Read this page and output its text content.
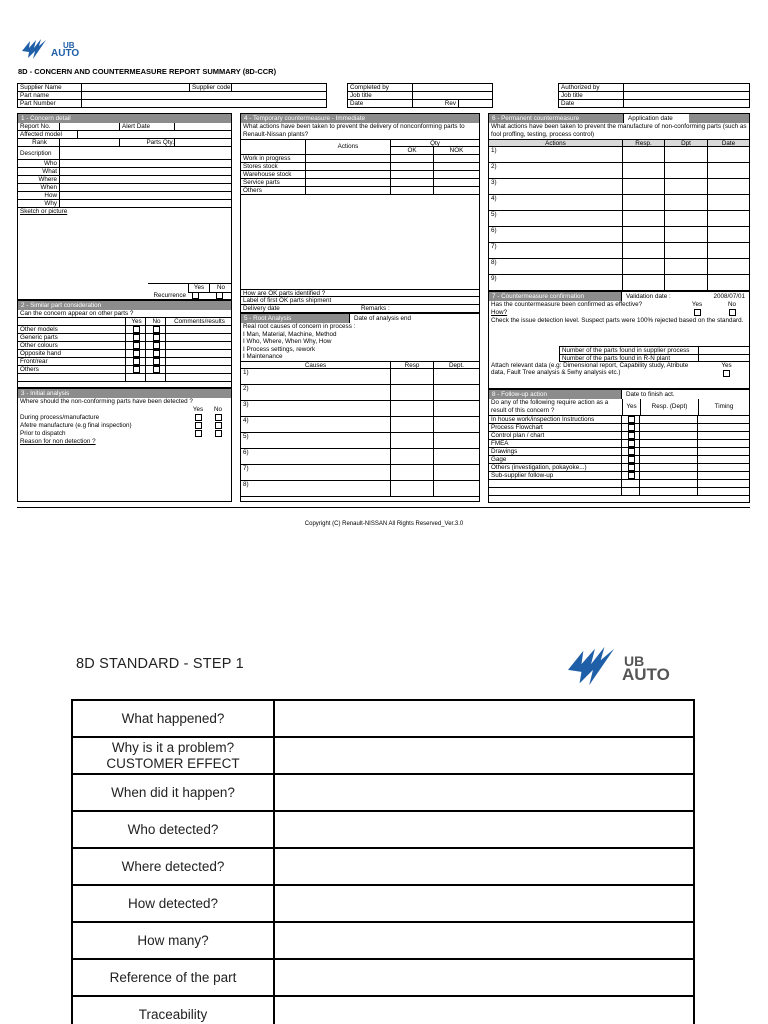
UB
AUTO
8D - CONCERN AND COUNTERMEASURE REPORT SUMMARY (8D-CCR)
Supplier Name		Supplier code	
Part name			
Part Number			
Completed by		
Job title		
Date	Rev	
Authorized by	
Job title	
Date	
1 - Concern detail
Report No.	Alert Date
Affected model
Rank	Parts Qty.
Description
Who
What
Where
When
How
Why
Sketch or picture
Yes	No
Recurrence
2 - Similar part consideration
Can the concern appear on other parts ?
Yes	No	Comments/results
Other models
Generic parts
Other colours
Opposite hand
Front/rear
Others
3 - Initial analysis
Where should the non-conforming parts have been detected ?
Yes	No
During process/manufacture
Afetre manufacture (e.g final inspection)
Prior to dispatch
Reason for non detection ?
4 - Temporary countermeasure - Immediate
What actions have been taken to prevent the delivery of nonconforming parts to Renault-Nissan plants?
Actions	Qty
OK	NOK
Work in progress
Stores stock
Warehouse stock
Service parts
Others
How are OK parts identified ?
Label of first OK parts shipment
Delivery date	Remarks :
5 - Root Analysis	Date of analysis end
Real root causes of concern in process :
I Man, Material, Machine, Method
I Who, Where, When Why, How
I Process settings, rework
I Maintenance
Causes	Resp	Dept.
1)
2)
3)
4)
5)
6)
7)
8)
6 - Permanent countermeasure	Application date
What actions have been taken to prevent the manufacture of non-conforming parts (such as fool proffing, testing, process control)
Actions	Resp.	Dpt	Date
1)
2)
3)
4)
5)
6)
7)
8)
9)
7 - Countermeasure confirmation	Validation date :	2008/07/01
Has the countermeasure been confirmed as effective?	Yes	No
How?
Check the issue detection level. Suspect parts were 100% rejected based on the standard.
Number of the parts found in supplier process
Number of the parts found in R-N plant
Attach relevant data (e.g: Dimensional report, Capability study, Atribute data, Fault Tree analysis & 5why analysis etc.)
Yes
8 - Follow-up action	Date to finish act.
Do any of the following require action as a result of this concern ?	Yes	Resp. (Dept)	Timing
In house work/inspection Instructions
Process Flowchart
Control plan / chart
FMEA
Drawings
Gage
Others (investigation, pokayoke...)
Sub-supplier follow-up
Copyright (C) Renault-NISSAN All Rights Reserved_Ver.3.0
8D STANDARD - STEP 1	UB
AUTO
What happened?	

Why is it a problem?
CUSTOMER EFFECT	

When did it happen?	

Who detected?	

Where detected?	

How detected?	

How many?	

Reference of the part	

Traceability	
